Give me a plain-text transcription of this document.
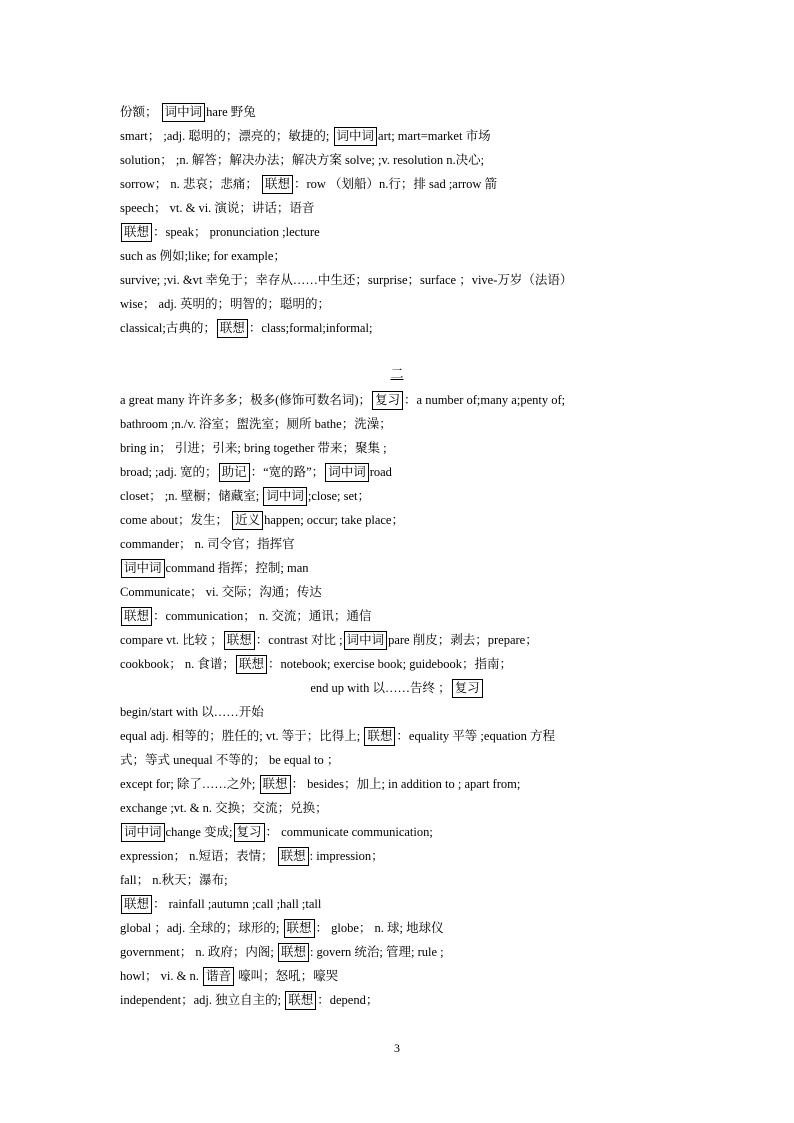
份额； 词中词 hare 野兔
smart； ;adj. 聪明的；漂亮的；敏捷的; 词中词 art; mart=market 市场
solution； ;n. 解答；解决办法；解决方案 solve; ;v. resolution n.决心;
sorrow； n. 悲哀；悲痛； 联想 ：row （划船）n.行；排 sad ;arrow 箭
speech； vt. & vi. 演说；讲话；语音
联想 ：speak； pronunciation ;lecture
such as 例如;like; for example；
survive; ;vi. &vt 幸免于；幸存从……中生还；surprise；surface ；vive-万岁（法语）
wise； adj. 英明的；明智的；聪明的；
classical;古典的； 联想 ：class;formal;informal;
二
a great many 许许多多；极多(修饰可数名词)； 复习 ：a number of;many a;penty of;
bathroom ;n./v. 浴室；盥洗室；厕所 bathe；洗澡；
bring in； 引进；引来; bring together 带来；聚集 ;
broad; ;adj. 宽的； 助记 ：“宽的路”； 词中词 road
closet； ;n. 壁橱；储藏室; 词中词 ;close; set；
come about；发生； 近义 happen; occur; take place；
commander； n. 司令官；指挥官
词中词 command 指挥；控制; man
Communicate； vi. 交际；沟通；传达
联想 ：communication； n. 交流；通讯；通信
compare vt. 比较 ； 联想 ：contrast 对比 ; 词中词 pare 削皮；剥去；prepare；
cookbook； n. 食谱； 联想 ：notebook; exercise book; guidebook；指南；
end up with 以……告终 ； 复习
begin/start with 以……开始
equal adj. 相等的；胜任的; vt. 等于；比得上; 联想 ：equality 平等 ;equation 方程
式；等式 unequal 不等的； be equal to ；
except for; 除了……之外; 联想 ： besides；加上; in addition to ; apart from;
exchange ;vt. & n. 交换；交流；兑换；
词中词 change 变成; 复习 ： communicate communication;
expression； n.短语；表情； 联想 : impression；
fall； n.秋天；瀑布;
联想 ： rainfall ;autumn ;call ;hall ;tall
global ；adj. 全球的；球形的; 联想 ： globe； n. 球; 地球仪
government； n. 政府；内阁; 联想 : govern 统治; 管理; rule ;
howl； vi. & n. 谐音 嚎叫；怒吼；嚎哭
independent；adj. 独立自主的; 联想 ：depend；
3
